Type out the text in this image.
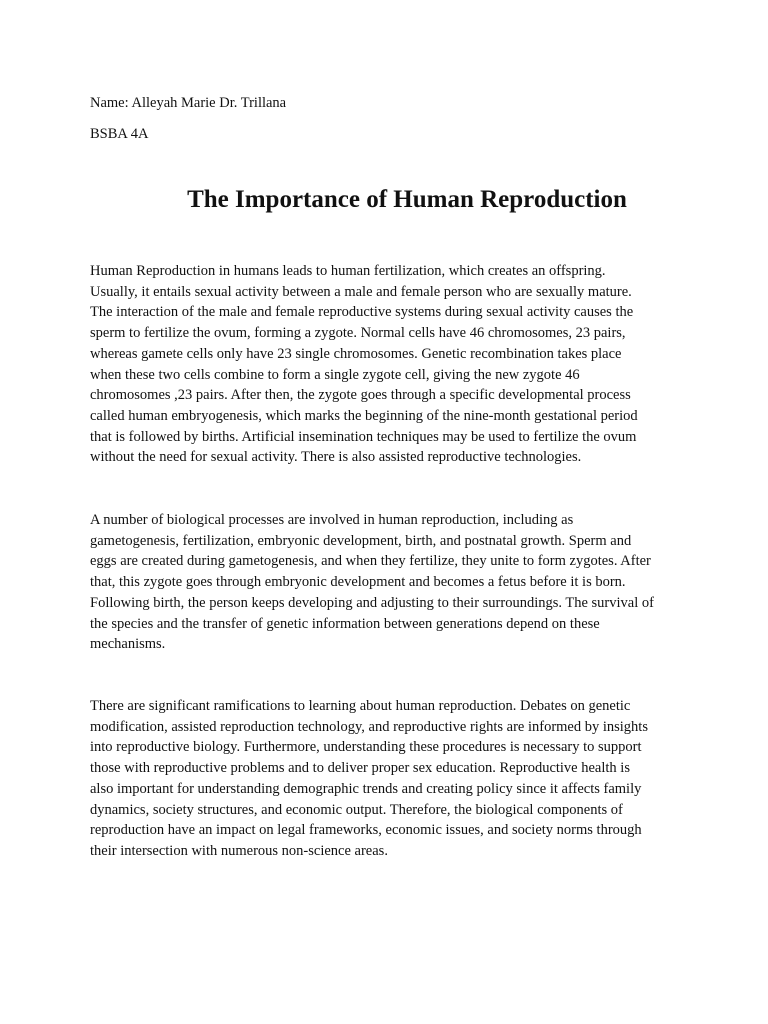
Name: Alleyah Marie Dr. Trillana
BSBA 4A
The Importance of Human Reproduction

Human Reproduction in humans leads to human fertilization, which creates an offspring.
Usually, it entails sexual activity between a male and female person who are sexually mature.
The interaction of the male and female reproductive systems during sexual activity causes the
sperm to fertilize the ovum, forming a zygote. Normal cells have 46 chromosomes, 23 pairs,
whereas gamete cells only have 23 single chromosomes. Genetic recombination takes place
when these two cells combine to form a single zygote cell, giving the new zygote 46
chromosomes ,23 pairs. After then, the zygote goes through a specific developmental process
called human embryogenesis, which marks the beginning of the nine-month gestational period
that is followed by births. Artificial insemination techniques may be used to fertilize the ovum
without the need for sexual activity. There is also assisted reproductive technologies.

A number of biological processes are involved in human reproduction, including as
gametogenesis, fertilization, embryonic development, birth, and postnatal growth. Sperm and
eggs are created during gametogenesis, and when they fertilize, they unite to form zygotes. After
that, this zygote goes through embryonic development and becomes a fetus before it is born.
Following birth, the person keeps developing and adjusting to their surroundings. The survival of
the species and the transfer of genetic information between generations depend on these
mechanisms.

There are significant ramifications to learning about human reproduction. Debates on genetic
modification, assisted reproduction technology, and reproductive rights are informed by insights
into reproductive biology. Furthermore, understanding these procedures is necessary to support
those with reproductive problems and to deliver proper sex education. Reproductive health is
also important for understanding demographic trends and creating policy since it affects family
dynamics, society structures, and economic output. Therefore, the biological components of
reproduction have an impact on legal frameworks, economic issues, and society norms through
their intersection with numerous non-science areas.
